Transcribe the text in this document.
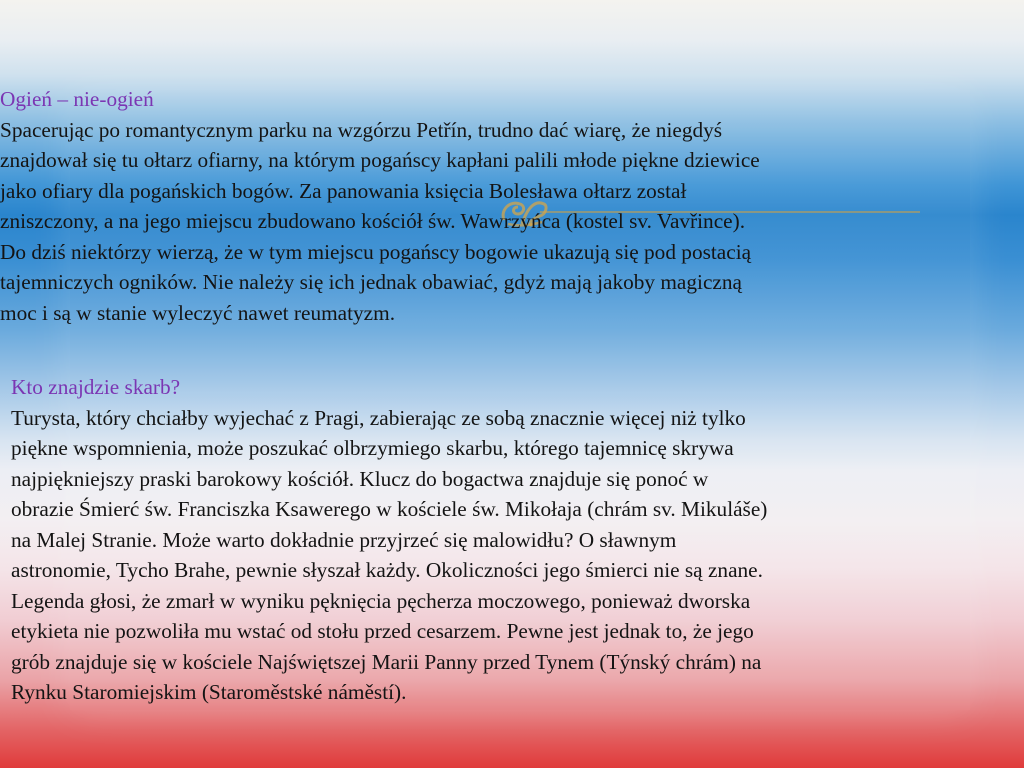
Ogień – nie-ogień
Spacerując po romantycznym parku na wzgórzu Petřín, trudno dać wiarę, że niegdyś
znajdował się tu ołtarz ofiarny, na którym pogańscy kapłani palili młode piękne dziewice
jako ofiary dla pogańskich bogów. Za panowania księcia Bolesława ołtarz został
zniszczony, a na jego miejscu zbudowano kościół św. Wawrzyńca (kostel sv. Vavřince).
Do dziś niektórzy wierzą, że w tym miejscu pogańscy bogowie ukazują się pod postacią
tajemniczych ogników. Nie należy się ich jednak obawiać, gdyż mają jakoby magiczną
moc i są w stanie wyleczyć nawet reumatyzm.
Kto znajdzie skarb?
Turysta, który chciałby wyjechać z Pragi, zabierając ze sobą znacznie więcej niż tylko
piękne wspomnienia, może poszukać olbrzymiego skarbu, którego tajemnicę skrywa
najpiękniejszy praski barokowy kościół. Klucz do bogactwa znajduje się ponoć w
obrazie Śmierć św. Franciszka Ksawerego w kościele św. Mikołaja (chrám sv. Mikuláše)
na Malej Stranie. Może warto dokładnie przyjrzeć się malowidłu? O sławnym
astronomie, Tycho Brahe, pewnie słyszał każdy. Okoliczności jego śmierci nie są znane.
Legenda głosi, że zmarł w wyniku pęknięcia pęcherza moczowego, ponieważ dworska
etykieta nie pozwoliła mu wstać od stołu przed cesarzem. Pewne jest jednak to, że jego
grób znajduje się w kościele Najświętszej Marii Panny przed Tynem (Týnský chrám) na
Rynku Staromiejskim (Staroměstské náměstí).
